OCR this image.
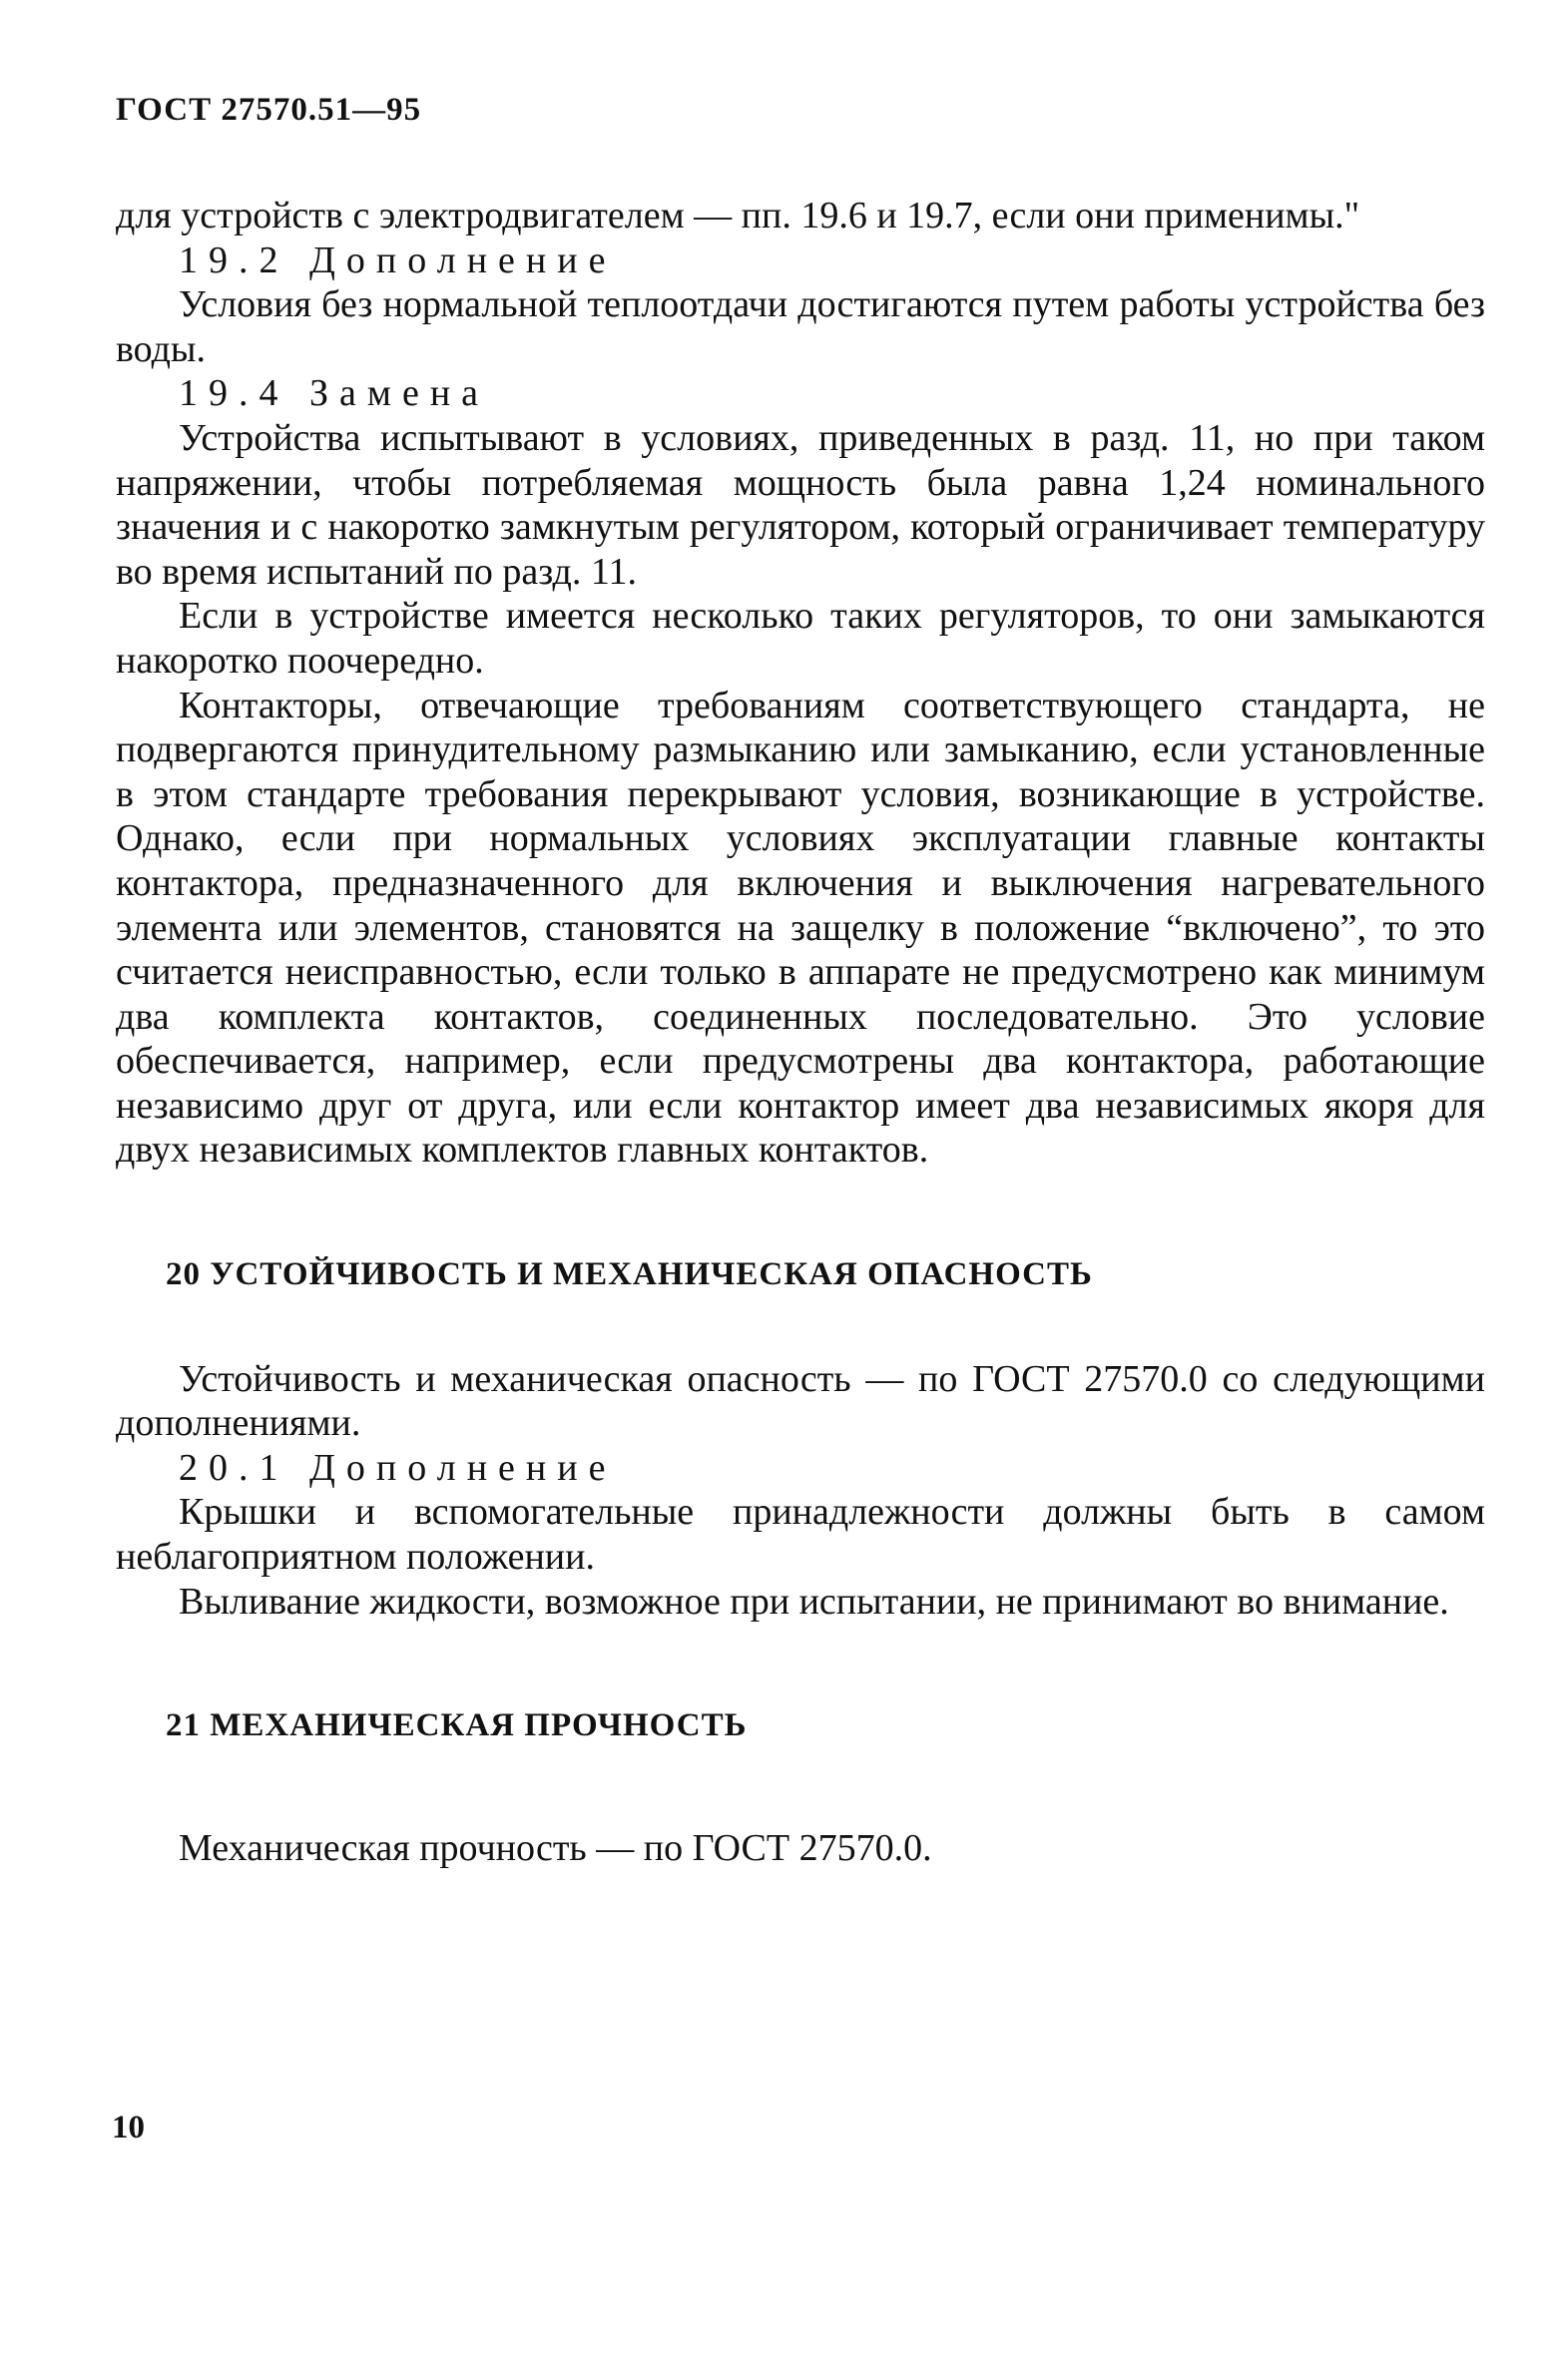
ГОСТ 27570.51—95

для устройств с электродвигателем — пп. 19.6 и 19.7, если они применимы."

19.2 Дополнение

Условия без нормальной теплоотдачи достигаются путем работы устройства без воды.

19.4 Замена

Устройства испытывают в условиях, приведенных в разд. 11, но при таком напряжении, чтобы потребляемая мощность была равна 1,24 номинального значения и с накоротко замкнутым регулятором, который ограничивает температуру во время испытаний по разд. 11.

Если в устройстве имеется несколько таких регуляторов, то они замыкаются накоротко поочередно.

Контакторы, отвечающие требованиям соответствующего стандарта, не подвергаются принудительному размыканию или замыканию, если установленные в этом стандарте требования перекрывают условия, возникающие в устройстве. Однако, если при нормальных условиях эксплуатации главные контакты контактора, предназначенного для включения и выключения нагревательного элемента или элементов, становятся на защелку в положение “включено”, то это считается неисправностью, если только в аппарате не предусмотрено как минимум два комплекта контактов, соединенных последовательно. Это условие обеспечивается, например, если предусмотрены два контактора, работающие независимо друг от друга, или если контактор имеет два независимых якоря для двух независимых комплектов главных контактов.

20 УСТОЙЧИВОСТЬ И МЕХАНИЧЕСКАЯ ОПАСНОСТЬ

Устойчивость и механическая опасность — по ГОСТ 27570.0 со следующими дополнениями.

20.1 Дополнение

Крышки и вспомогательные принадлежности должны быть в самом неблагоприятном положении.

Выливание жидкости, возможное при испытании, не принимают во внимание.

21 МЕХАНИЧЕСКАЯ ПРОЧНОСТЬ

Механическая прочность — по ГОСТ 27570.0.

10
